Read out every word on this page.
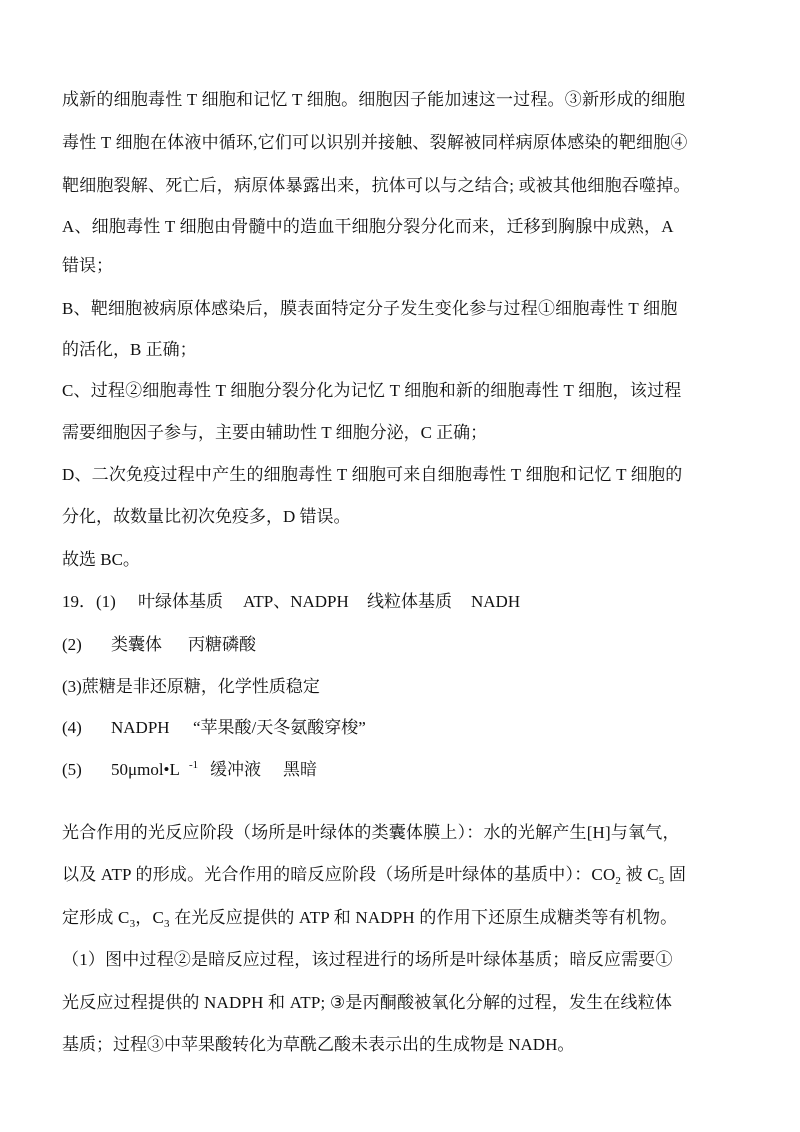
成新的细胞毒性 T 细胞和记忆 T 细胞。细胞因子能加速这一过程。③新形成的细胞
毒性 T 细胞在体液中循环,它们可以识别并接触、裂解被同样病原体感染的靶细胞④
靶细胞裂解、死亡后，病原体暴露出来，抗体可以与之结合; 或被其他细胞吞噬掉。
A、细胞毒性 T 细胞由骨髓中的造血干细胞分裂分化而来，迁移到胸腺中成熟，A
错误；
B、靶细胞被病原体感染后，膜表面特定分子发生变化参与过程①细胞毒性 T 细胞
的活化，B 正确；
C、过程②细胞毒性 T 细胞分裂分化为记忆 T 细胞和新的细胞毒性 T 细胞，该过程
需要细胞因子参与，主要由辅助性 T 细胞分泌，C 正确；
D、二次免疫过程中产生的细胞毒性 T 细胞可来自细胞毒性 T 细胞和记忆 T 细胞的
分化，故数量比初次免疫多，D 错误。
故选 BC。
19．(1) 叶绿体基质 ATP、NADPH 线粒体基质 NADH
(2) 类囊体 丙糖磷酸
(3)蔗糖是非还原糖，化学性质稳定
(4) NADPH “苹果酸/天冬氨酸穿梭”
(5) 50μmol•L -1 缓冲液 黑暗
光合作用的光反应阶段（场所是叶绿体的类囊体膜上）：水的光解产生[H]与氧气，
以及 ATP 的形成。光合作用的暗反应阶段（场所是叶绿体的基质中）：$CO_2$ 被 $C_5$ 固
定形成 $C_3$，$C_3$ 在光反应提供的 ATP 和 NADPH 的作用下还原生成糖类等有机物。
（1）图中过程②是暗反应过程，该过程进行的场所是叶绿体基质；暗反应需要①
光反应过程提供的 NADPH 和 ATP; ③是丙酮酸被氧化分解的过程，发生在线粒体
基质；过程③中苹果酸转化为草酰乙酸未表示出的生成物是 NADH。
